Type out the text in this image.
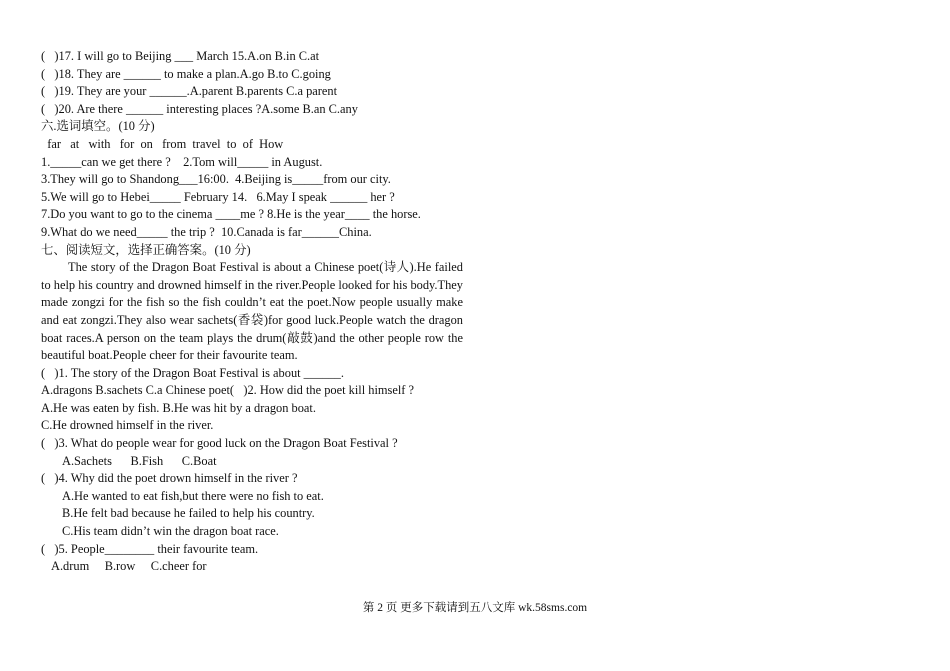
(   )17. I will go to Beijing ___ March 15.A.on B.in C.at
(   )18. They are ______ to make a plan.A.go B.to C.going
(   )19. They are your ______.A.parent B.parents C.a parent
(   )20. Are there ______ interesting places ?A.some B.an C.any
六.选词填空。(10 分)
far   at   with   for  on   from  travel  to  of  How
1._____can we get there ?    2.Tom will_____ in August.
3.They will go to Shandong___16:00.  4.Beijing is_____from our city.
5.We will go to Hebei_____ February 14.   6.May I speak ______ her ?
7.Do you want to go to the cinema ____me ? 8.He is the year____ the horse.
9.What do we need_____ the trip ?  10.Canada is far______China.
七、阅读短文，选择正确答案。(10 分)
The story of the Dragon Boat Festival is about a Chinese poet(诗人).He failed to help his country and drowned himself in the river.People looked for his body.They made zongzi for the fish so the fish couldn’t eat the poet.Now people usually make and eat zongzi.They also wear sachets(香袋)for good luck.People watch the dragon boat races.A person on the team plays the drum(敲鼓)and the other people row the beautiful boat.People cheer for their favourite team.
(   )1. The story of the Dragon Boat Festival is about ______.
A.dragons B.sachets C.a Chinese poet(   )2. How did the poet kill himself ?
A.He was eaten by fish. B.He was hit by a dragon boat.
C.He drowned himself in the river.
(   )3. What do people wear for good luck on the Dragon Boat Festival ?
A.Sachets      B.Fish      C.Boat
(   )4. Why did the poet drown himself in the river ?
A.He wanted to eat fish,but there were no fish to eat.
B.He felt bad because he failed to help his country.
C.His team didn’t win the dragon boat race.
(   )5. People________ their favourite team.
A.drum     B.row     C.cheer for
第 2 页 更多下载请到五八文库 wk.58sms.com
